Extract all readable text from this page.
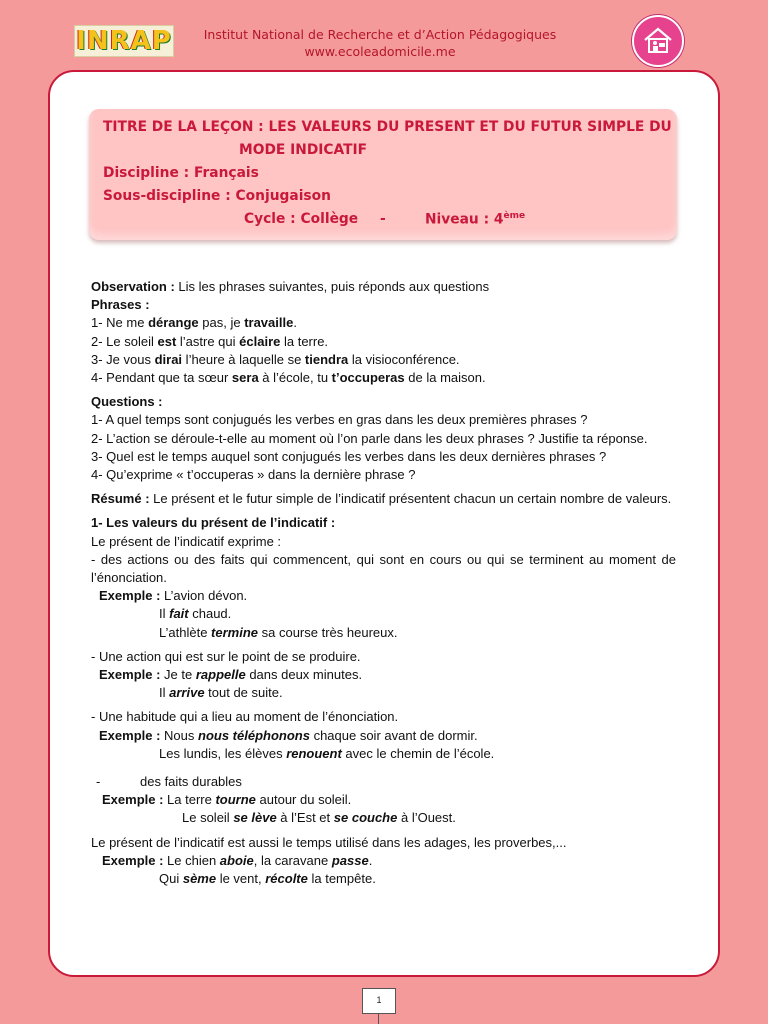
INRAP	Institut National de Recherche et d’Action Pédagogiques
www.ecoleadomicile.me
TITRE DE LA LEÇON : LES VALEURS DU PRESENT ET DU FUTUR SIMPLE DU
MODE INDICATIF
Discipline : Français
Sous-discipline : Conjugaison
Cycle : Collège -	Niveau : 4ème

Observation : Lis les phrases suivantes, puis réponds aux questions

Phrases :

1- Ne me dérange pas, je travaille.

2- Le soleil est l’astre qui éclaire la terre.

3- Je vous dirai l’heure à laquelle se tiendra la visioconférence.

4- Pendant que ta sœur sera à l’école, tu t’occuperas de la maison.

Questions :

1- A quel temps sont conjugués les verbes en gras dans les deux premières phrases ?

2- L’action se déroule-t-elle au moment où l’on parle dans les deux phrases ? Justifie ta réponse.

3- Quel est le temps auquel sont conjugués les verbes dans les deux dernières phrases ?

4- Qu’exprime « t’occuperas » dans la dernière phrase ?

Résumé : Le présent et le futur simple de l’indicatif présentent chacun un certain nombre de valeurs.

1- Les valeurs du présent de l’indicatif :

Le présent de l’indicatif exprime :

- des actions ou des faits qui commencent, qui sont en cours ou qui se terminent au moment de l’énonciation.

Exemple : L’avion dévon.

Il fait chaud.

L’athlète termine sa course très heureux.

- Une action qui est sur le point de se produire.

Exemple : Je te rappelle dans deux minutes.

Il arrive tout de suite.

- Une habitude qui a lieu au moment de l’énonciation.

Exemple : Nous nous téléphonons chaque soir avant de dormir.

Les lundis, les élèves renouent avec le chemin de l’école.

-	des faits durables

Exemple : La terre tourne autour du soleil.

Le soleil se lève à l’Est et se couche à l’Ouest.

Le présent de l’indicatif est aussi le temps utilisé dans les adages, les proverbes,...

Exemple : Le chien aboie, la caravane passe.

Qui sème le vent, récolte la tempête.

1
